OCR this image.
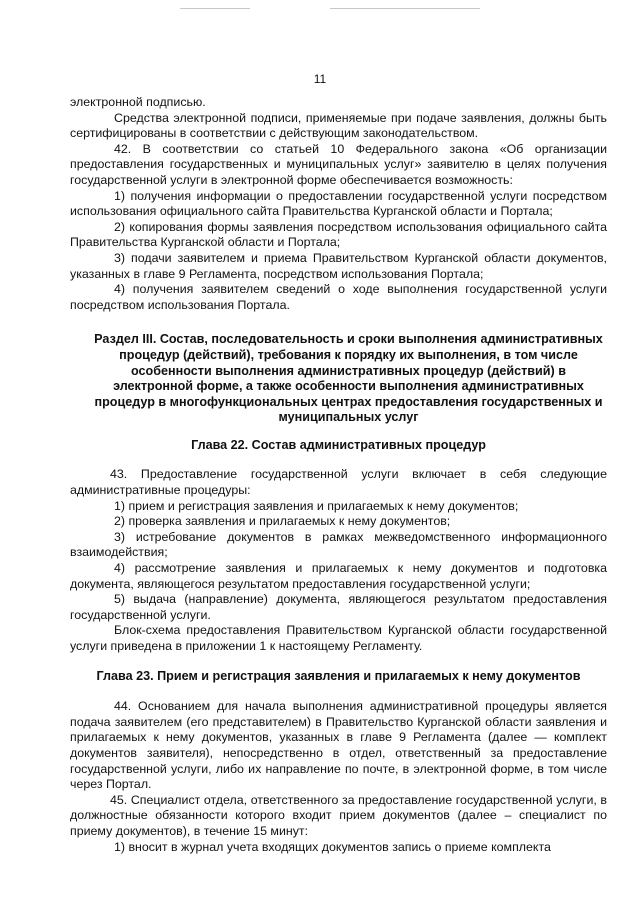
11

электронной подписью.

Средства электронной подписи, применяемые при подаче заявления, должны быть сертифицированы в соответствии с действующим законодательством.

42. В соответствии со статьей 10 Федерального закона «Об организации предоставления государственных и муниципальных услуг» заявителю в целях получения государственной услуги в электронной форме обеспечивается возможность:

1) получения информации о предоставлении государственной услуги посредством использования официального сайта Правительства Курганской области и Портала;

2) копирования формы заявления посредством использования официального сайта Правительства Курганской области и Портала;

3) подачи заявителем и приема Правительством Курганской области документов, указанных в главе 9 Регламента, посредством использования Портала;

4) получения заявителем сведений о ходе выполнения государственной услуги посредством использования Портала.

Раздел III. Состав, последовательность и сроки выполнения административных процедур (действий), требования к порядку их выполнения, в том числе особенности выполнения административных процедур (действий) в электронной форме, а также особенности выполнения административных процедур в многофункциональных центрах предоставления государственных и муниципальных услуг
Глава 22. Состав административных процедур

43. Предоставление государственной услуги включает в себя следующие административные процедуры:

1) прием и регистрация заявления и прилагаемых к нему документов;

2) проверка заявления и прилагаемых к нему документов;

3) истребование документов в рамках межведомственного информационного взаимодействия;

4) рассмотрение заявления и прилагаемых к нему документов и подготовка документа, являющегося результатом предоставления государственной услуги;

5) выдача (направление) документа, являющегося результатом предоставления государственной услуги.

Блок-схема предоставления Правительством Курганской области государственной услуги приведена в приложении 1 к настоящему Регламенту.

Глава 23. Прием и регистрация заявления и прилагаемых к нему документов

44. Основанием для начала выполнения административной процедуры является подача заявителем (его представителем) в Правительство Курганской области заявления и прилагаемых к нему документов, указанных в главе 9 Регламента (далее — комплект документов заявителя), непосредственно в отдел, ответственный за предоставление государственной услуги, либо их направление по почте, в электронной форме, в том числе через Портал.

45. Специалист отдела, ответственного за предоставление государственной услуги, в должностные обязанности которого входит прием документов (далее – специалист по приему документов), в течение 15 минут:

1) вносит в журнал учета входящих документов запись о приеме комплекта
